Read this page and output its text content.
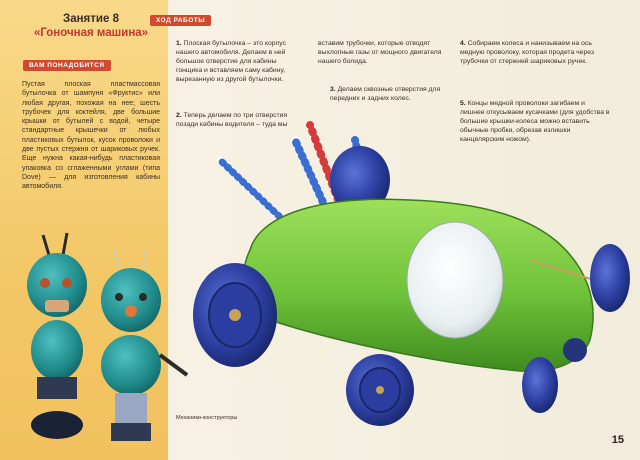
Занятие 8
«Гоночная машина»
ВАМ ПОНАДОБИТСЯ
Пустая плоская пластмассовая бутылочка от шампуня «Фруктис» или любая другая, похожая на нее; шесть трубочек для коктейля, две большие крышки от бутылей с водой, четыре стандартные крышечки от любых пластиковых бутылок, кусок проволоки и две пустых стержня от шариковых ручек. Еще нужна какая-нибудь пластиковая упаковка со сглаженными углами (типа Dove) — для изготовления кабины автомобиля.
ХОД РАБОТЫ
1. Плоская бутылочка – это корпус нашего автомобиля. Делаем в ней большое отверстие для кабины гонщика и вставляем саму кабину, вырезанную из другой бутылочки.
2. Теперь делаем по три отверстия позади кабины водителя – туда мы
вставим трубочки, которые отводят выхлопные газы от мощного двигателя нашего болида.
3. Делаем сквозные отверстия для передних и задних колес.
4. Собираем колеса и нанизываем на ось медную проволоку, которая продета через трубочки от стержней шариковых ручек.
5. Концы медной проволоки загибаем и лишнее откусываем кусачками (для удобства в большие крышки-колеса можно вставить обычные пробки, обрезав излишки канцелярским ножом).
Механики-конструкторы
15
